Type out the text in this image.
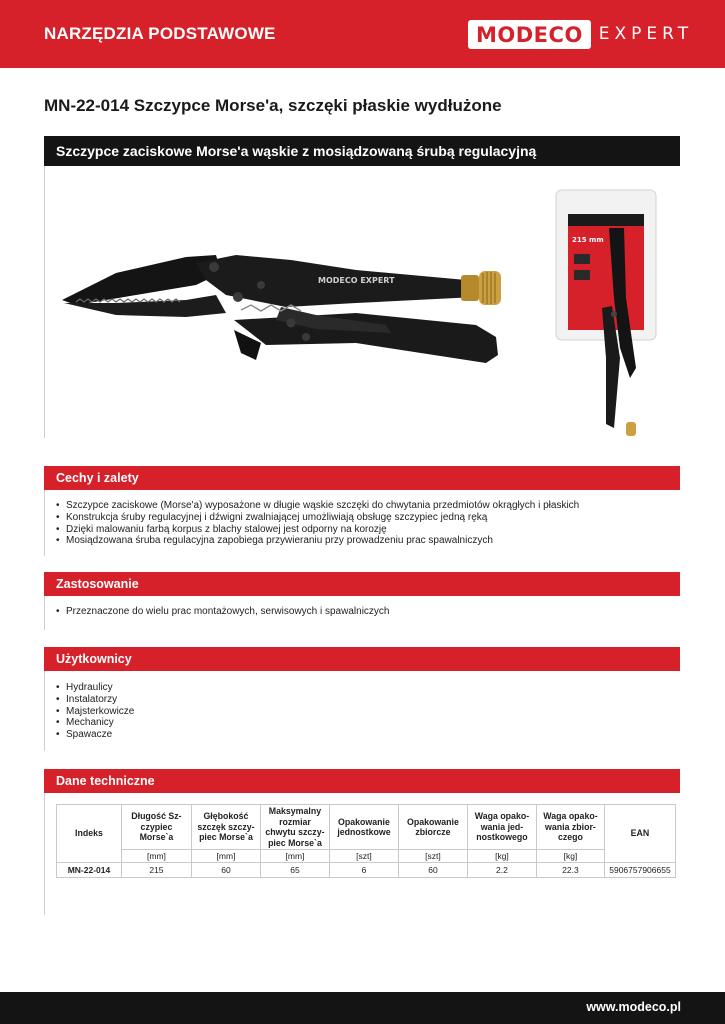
NARZĘDZIA PODSTAWOWE	MODECO EXPERT
MN-22-014 Szczypce Morse'a, szczęki płaskie wydłużone
Szczypce zaciskowe Morse'a wąskie z mosiądzowaną śrubą regulacyjną
MODECO EXPERT
215 mm
Cechy i zalety
• Szczypce zaciskowe (Morse'a) wyposażone w długie wąskie szczęki do chwytania przedmiotów okrągłych i płaskich
• Konstrukcja śruby regulacyjnej i dźwigni zwalniającej umożliwiają obsługę szczypiec jedną ręką
• Dzięki malowaniu farbą korpus z blachy stalowej jest odporny na korozję
• Mosiądzowana śruba regulacyjna zapobiega przywieraniu przy prowadzeniu prac spawalniczych
Zastosowanie
• Przeznaczone do wielu prac montażowych, serwisowych i spawalniczych
Użytkownicy
• Hydraulicy
• Instalatorzy
• Majsterkowicze
• Mechanicy
• Spawacze
Dane techniczne
Indeks	Długość Sz-czypiec Morse`a	Głębokość szczęk szczy-piec Morse`a	Maksymalny rozmiar chwytu szczy-piec Morse`a	Opakowanie jednostkowe	Opakowanie zbiorcze	Waga opako-wania jed-nostkowego	Waga opako-wania zbior-czego	EAN
	[mm]	[mm]	[mm]	[szt]	[szt]	[kg]	[kg]	
MN-22-014	215	60	65	6	60	2.2	22.3	5906757906655
www.modeco.pl
